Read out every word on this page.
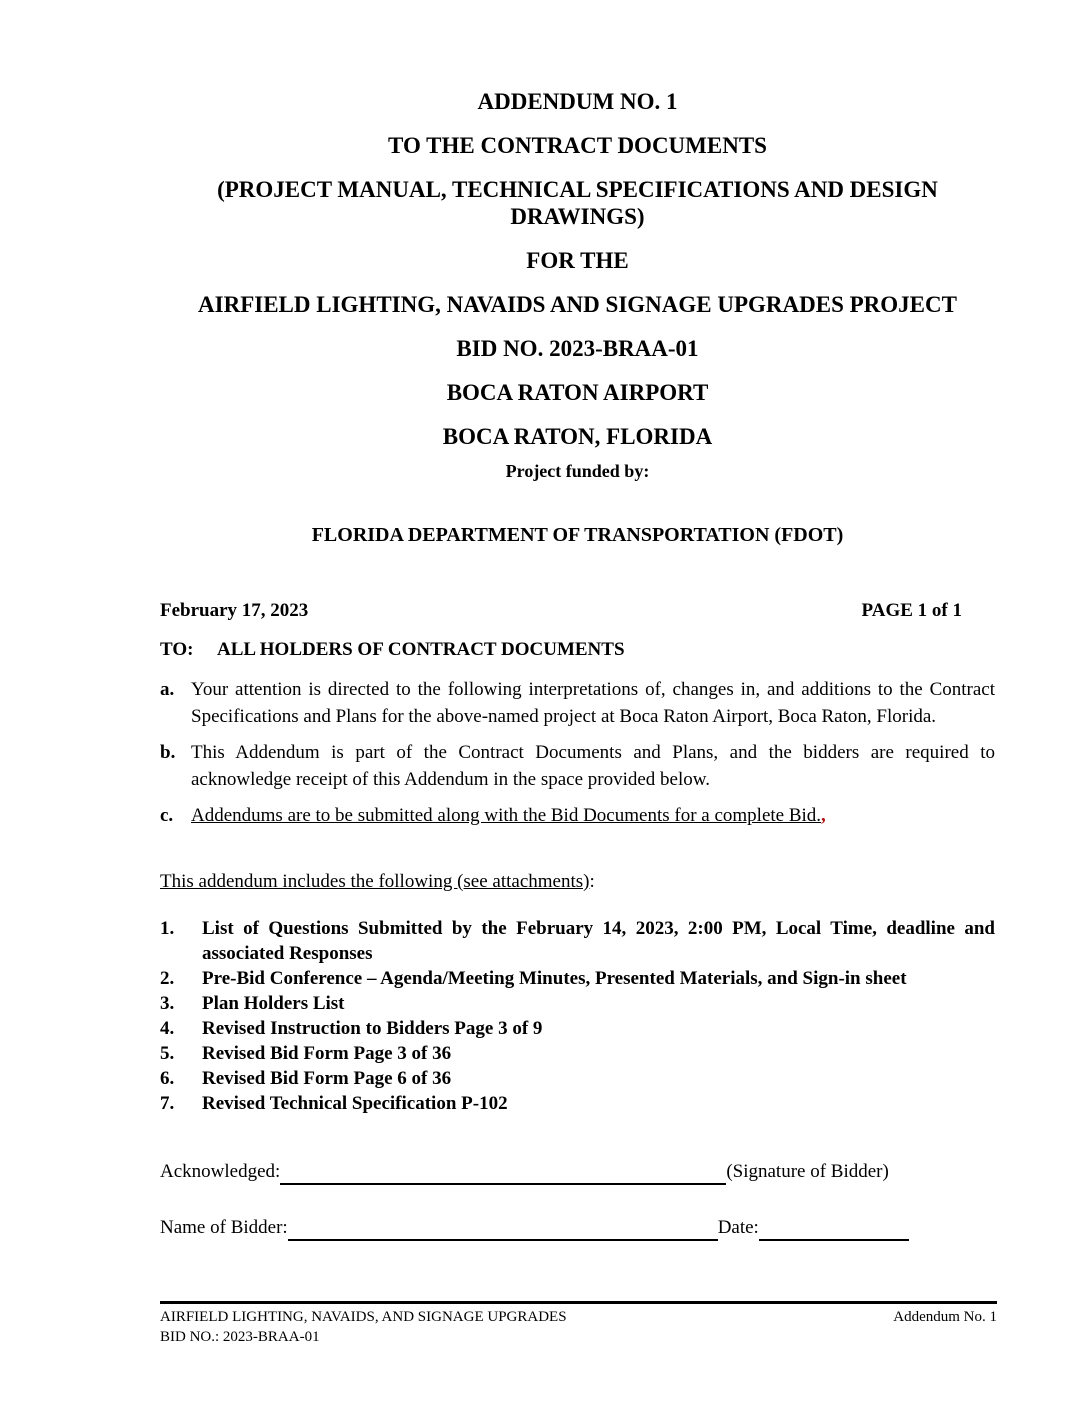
ADDENDUM NO. 1
TO THE CONTRACT DOCUMENTS
(PROJECT MANUAL, TECHNICAL SPECIFICATIONS AND DESIGN DRAWINGS)
FOR THE
AIRFIELD LIGHTING, NAVAIDS AND SIGNAGE UPGRADES PROJECT
BID NO. 2023-BRAA-01
BOCA RATON AIRPORT
BOCA RATON, FLORIDA
Project funded by:
FLORIDA DEPARTMENT OF TRANSPORTATION (FDOT)
February 17, 2023	PAGE 1 of 1
TO:	ALL HOLDERS OF CONTRACT DOCUMENTS
a. Your attention is directed to the following interpretations of, changes in, and additions to the Contract Specifications and Plans for the above-named project at Boca Raton Airport, Boca Raton, Florida.
b. This Addendum is part of the Contract Documents and Plans, and the bidders are required to acknowledge receipt of this Addendum in the space provided below.
c. Addendums are to be submitted along with the Bid Documents for a complete Bid.,
This addendum includes the following (see attachments):
1.	List of Questions Submitted by the February 14, 2023, 2:00 PM, Local Time, deadline and associated Responses
2.	Pre-Bid Conference – Agenda/Meeting Minutes, Presented Materials, and Sign-in sheet
3.	Plan Holders List
4.	Revised Instruction to Bidders Page 3 of 9
5.	Revised Bid Form Page 3 of 36
6.	Revised Bid Form Page 6 of 36
7.	Revised Technical Specification P-102
Acknowledged:	(Signature of Bidder)
Name of Bidder:	Date:
AIRFIELD LIGHTING, NAVAIDS, AND SIGNAGE UPGRADES
BID NO.: 2023-BRAA-01
Addendum No. 1
